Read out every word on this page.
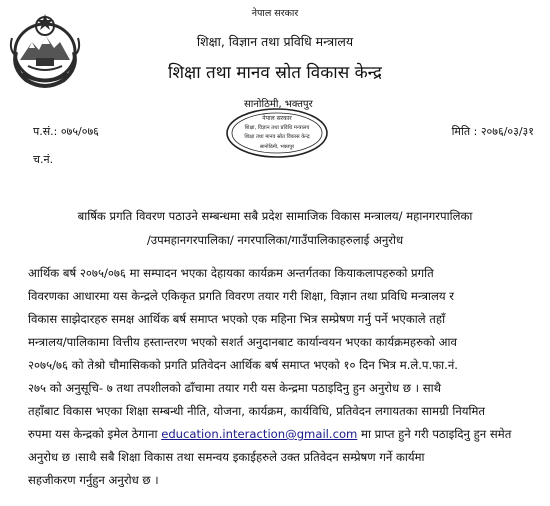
नेपाल सरकार
शिक्षा, विज्ञान तथा प्रविधि मन्त्रालय
शिक्षा तथा मानव स्रोत विकास केन्द्र
सानोठिमी, भक्तपुर
नेपाल सरकार
शिक्षा, विज्ञान तथा प्रविधि मन्त्रालय
शिक्षा तथा मानव स्रोत विकास केन्द्र
सानोठिमी, भक्तपुर
प.सं.: ०७५/०७६	मिति : २०७६/०३/३१
च.नं.
बार्षिक प्रगति विवरण पठाउने सम्बन्धमा सबै प्रदेश सामाजिक विकास मन्त्रालय/ महानगरपालिका
/उपमहानगरपालिका/ नगरपालिका/गाउँपालिकाहरुलाई अनुरोध
आर्थिक बर्ष २०७५/०७६ मा सम्पादन भएका देहायका कार्यक्रम अन्तर्गतका कियाकलापहरुको प्रगति
विवरणका आधारमा यस केन्द्रले एकिकृत प्रगति विवरण तयार गरी शिक्षा, विज्ञान तथा प्रविधि मन्त्रालय र
विकास साझेदारहरु समक्ष आर्थिक बर्ष समाप्त भएको एक महिना भित्र सम्प्रेषण गर्नु पर्ने भएकाले तहाँ
मन्त्रालय/पालिकामा वित्तीय हस्तान्तरण भएको सशर्त अनुदानबाट कार्यान्वयन भएका कार्यक्रमहरुको आव
२०७५/७६ को तेश्रो चौमासिकको प्रगति प्रतिवेदन आर्थिक बर्ष समाप्त भएको १० दिन भित्र म.ले.प.फा.नं.
२७५ को अनुसूचि- ७ तथा तपशीलको ढाँचामा तयार गरी यस केन्द्रमा पठाइदिनु हुन अनुरोध छ । साथै
तहाँबाट विकास भएका शिक्षा सम्बन्धी नीति, योजना, कार्यक्रम, कार्यविधि, प्रतिवेदन लगायतका सामग्री नियमित
रुपमा यस केन्द्रको इमेल ठेगाना education.interaction@gmail.com मा प्राप्त हुने गरी पठाइदिनु हुन समेत
अनुरोध छ ।साथै सबै शिक्षा विकास तथा समन्वय इकाईहरुले उक्त प्रतिवेदन सम्प्रेषण गर्ने कार्यमा
सहजीकरण गर्नुहुन अनुरोध छ ।
